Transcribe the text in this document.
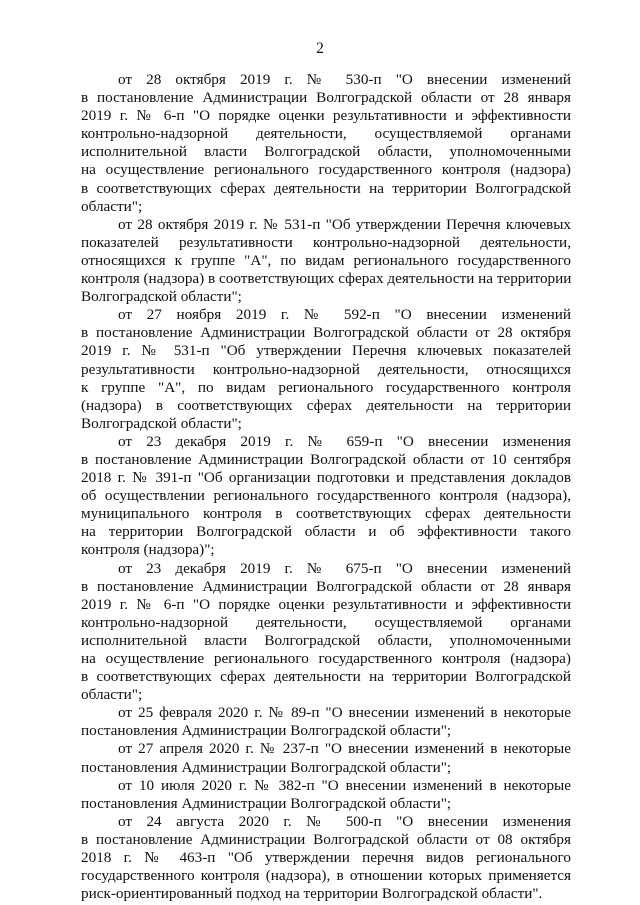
2
от 28 октября 2019 г. № 530-п "О внесении изменений
в постановление Администрации Волгоградской области от 28 января
2019 г. № 6-п "О порядке оценки результативности и эффективности
контрольно-надзорной деятельности, осуществляемой органами
исполнительной власти Волгоградской области, уполномоченными
на осуществление регионального государственного контроля (надзора)
в соответствующих сферах деятельности на территории Волгоградской
области";
от 28 октября 2019 г. № 531-п "Об утверждении Перечня ключевых
показателей результативности контрольно-надзорной деятельности,
относящихся к группе "А", по видам регионального государственного
контроля (надзора) в соответствующих сферах деятельности на территории
Волгоградской области";
от 27 ноября 2019 г. № 592-п "О внесении изменений
в постановление Администрации Волгоградской области от 28 октября
2019 г. № 531-п "Об утверждении Перечня ключевых показателей
результативности контрольно-надзорной деятельности, относящихся
к группе "А", по видам регионального государственного контроля
(надзора) в соответствующих сферах деятельности на территории
Волгоградской области";
от 23 декабря 2019 г. № 659-п "О внесении изменения
в постановление Администрации Волгоградской области от 10 сентября
2018 г. № 391-п "Об организации подготовки и представления докладов
об осуществлении регионального государственного контроля (надзора),
муниципального контроля в соответствующих сферах деятельности
на территории Волгоградской области и об эффективности такого
контроля (надзора)";
от 23 декабря 2019 г. № 675-п "О внесении изменений
в постановление Администрации Волгоградской области от 28 января
2019 г. № 6-п "О порядке оценки результативности и эффективности
контрольно-надзорной деятельности, осуществляемой органами
исполнительной власти Волгоградской области, уполномоченными
на осуществление регионального государственного контроля (надзора)
в соответствующих сферах деятельности на территории Волгоградской
области";
от 25 февраля 2020 г. № 89-п "О внесении изменений в некоторые
постановления Администрации Волгоградской области";
от 27 апреля 2020 г. № 237-п "О внесении изменений в некоторые
постановления Администрации Волгоградской области";
от 10 июля 2020 г. № 382-п "О внесении изменений в некоторые
постановления Администрации Волгоградской области";
от 24 августа 2020 г. № 500-п "О внесении изменения
в постановление Администрации Волгоградской области от 08 октября
2018 г. № 463-п "Об утверждении перечня видов регионального
государственного контроля (надзора), в отношении которых применяется
риск-ориентированный подход на территории Волгоградской области".
